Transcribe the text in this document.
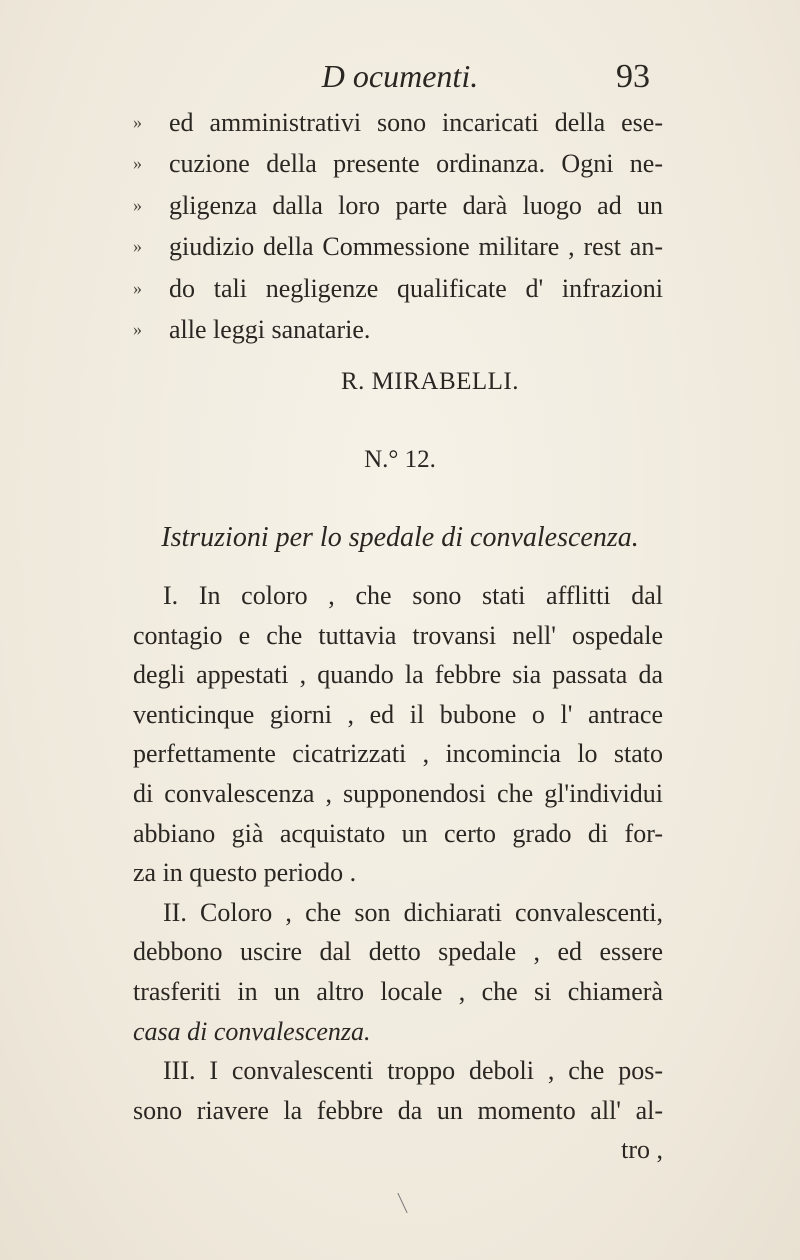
D ocumenti.	93
»	ed amministrativi sono incaricati della ese-
»	cuzione della presente ordinanza. Ogni ne-
»	gligenza dalla loro parte darà luogo ad un
»	giudizio della Commessione militare , rest an-
»	do tali negligenze qualificate d' infrazioni
»	alle leggi sanatarie.
R. MIRABELLI.
N.° 12.
Istruzioni per lo spedale di convalescenza.
I. In coloro , che sono stati afflitti dal
contagio e che tuttavia trovansi nell' ospedale
degli appestati , quando la febbre sia passata da
venticinque giorni , ed il bubone o l' antrace
perfettamente cicatrizzati , incomincia lo stato
di convalescenza , supponendosi che gl'individui
abbiano già acquistato un certo grado di for-
za in questo periodo .
II. Coloro , che son dichiarati convalescenti,
debbono uscire dal detto spedale , ed essere
trasferiti in un altro locale , che si chiamerà
casa di convalescenza.
III. I convalescenti troppo deboli , che pos-
sono riavere la febbre da un momento all' al-
tro ,
